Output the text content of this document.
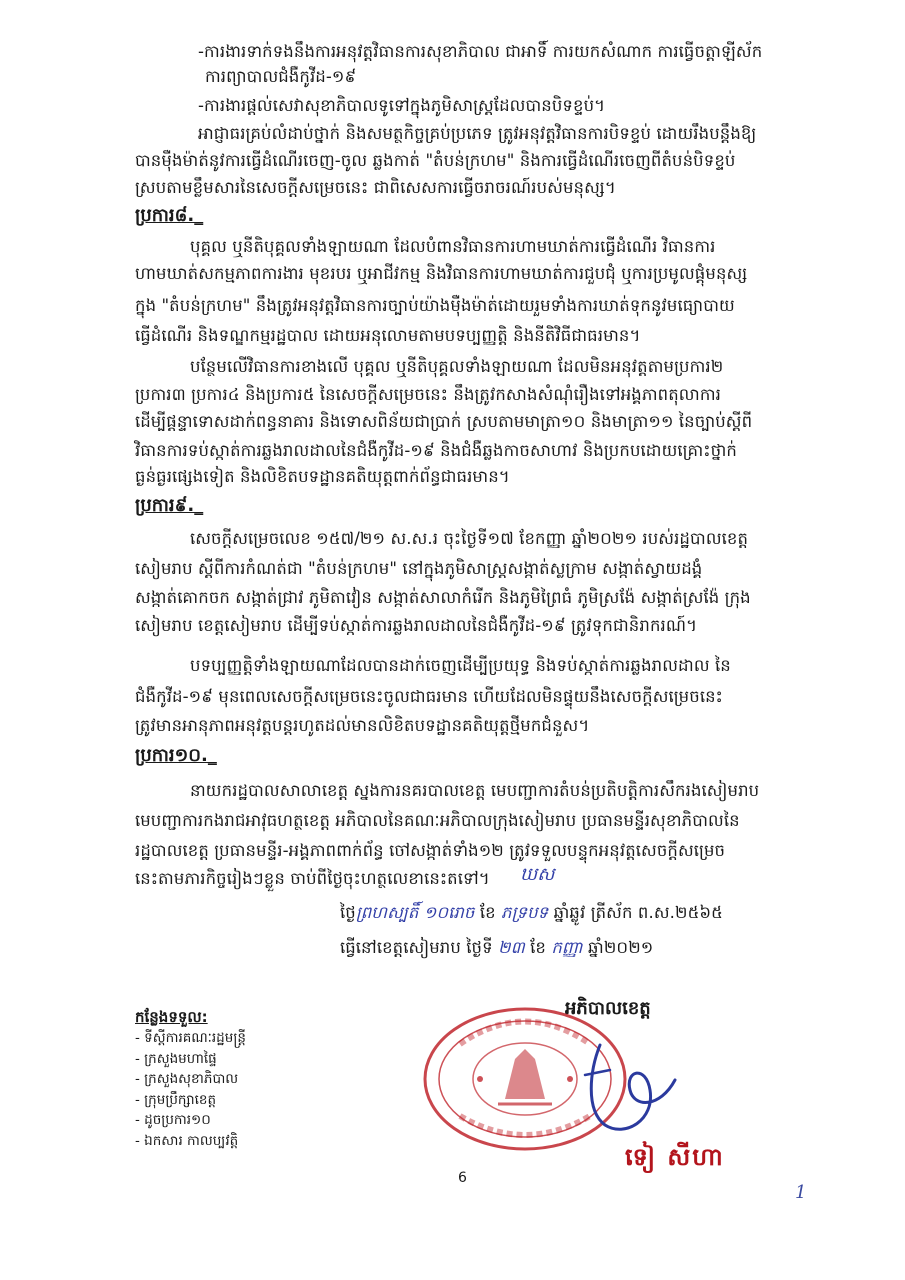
-ការងារទាក់ទងនឹងការអនុវត្តវិធានការសុខាភិបាល ជាអាទិ៍ ការយកសំណាក ការធ្វើចត្តាឡីស័ក
ការព្យាបាលជំងឺកូវីដ-១៩
-ការងារផ្ដល់សេវាសុខាភិបាលទូទៅក្នុងភូមិសាស្ត្រដែលបានបិទខ្ទប់។
អាជ្ញាធរគ្រប់លំដាប់ថ្នាក់ និងសមត្ថកិច្ចគ្រប់ប្រភេទ ត្រូវអនុវត្តវិធានការបិទខ្ទប់ ដោយរឹងបន្ដឹងឱ្យ
បានម៉ឺងម៉ាត់នូវការធ្វើដំណើរចេញ-ចូល ឆ្លងកាត់ "តំបន់ក្រហម" និងការធ្វើដំណើរចេញពីតំបន់បិទខ្ទប់
ស្របតាមខ្លឹមសារនៃសេចក្ដីសម្រេចនេះ ជាពិសេសការធ្វើចរាចរណ៍របស់មនុស្ស។
ប្រការ៨._
បុគ្គល ឬនីតិបុគ្គលទាំងឡាយណា ដែលបំពានវិធានការហាមឃាត់ការធ្វើដំណើរ វិធានការ
ហាមឃាត់សកម្មភាពការងារ មុខរបរ ឬអាជីវកម្ម និងវិធានការហាមឃាត់ការជួបជុំ ឬការប្រមូលផ្ដុំមនុស្ស
ក្នុង "តំបន់ក្រហម" នឹងត្រូវអនុវត្តវិធានការច្បាប់យ៉ាងម៉ឺងម៉ាត់ដោយរួមទាំងការឃាត់ទុកនូវមធ្យោបាយ
ធ្វើដំណើរ និងទណ្ឌកម្មរដ្ឋបាល ដោយអនុលោមតាមបទប្បញ្ញត្តិ និងនីតិវិធីជាធរមាន។
បន្ថែមលើវិធានការខាងលើ បុគ្គល ឬនីតិបុគ្គលទាំងឡាយណា ដែលមិនអនុវត្តតាមប្រការ២
ប្រការ៣ ប្រការ៤ និងប្រការ៥ នៃសេចក្ដីសម្រេចនេះ នឹងត្រូវកសាងសំណុំរឿងទៅអង្គភាពតុលាការ
ដើម្បីផ្ដន្ទាទោសដាក់ពន្ធនាគារ និងទោសពិន័យជាប្រាក់ ស្របតាមមាត្រា១០ និងមាត្រា១១ នៃច្បាប់ស្ដីពី
វិធានការទប់ស្កាត់ការឆ្លងរាលដាលនៃជំងឺកូវីដ-១៩ និងជំងឺឆ្លងកាចសាហាវ និងប្រកបដោយគ្រោះថ្នាក់
ធ្ងន់ធ្ងរផ្សេងទៀត និងលិខិតបទដ្ឋានគតិយុត្តពាក់ព័ន្ធជាធរមាន។
ប្រការ៩._
សេចក្ដីសម្រេចលេខ ១៥៧/២១ ស.ស.រ ចុះថ្ងៃទី១៧ ខែកញ្ញា ឆ្នាំ២០២១ របស់រដ្ឋបាលខេត្ត
សៀមរាប ស្ដីពីការកំណត់ជា "តំបន់ក្រហម" នៅក្នុងភូមិសាស្ត្រសង្កាត់ស្លក្រាម សង្កាត់ស្វាយដង្គំ
សង្កាត់គោកចក សង្កាត់ជ្រាវ ភូមិតាវៀន សង្កាត់សាលាកំរើក និងភូមិព្រៃធំ ភូមិស្រង៉ែ សង្កាត់ស្រង៉ែ ក្រុង
សៀមរាប ខេត្តសៀមរាប ដើម្បីទប់ស្កាត់ការឆ្លងរាលដាលនៃជំងឺកូវីដ-១៩ ត្រូវទុកជានិរាករណ៍។
បទប្បញ្ញត្តិទាំងឡាយណាដែលបានដាក់ចេញដើម្បីប្រយុទ្ធ និងទប់ស្កាត់ការឆ្លងរាលដាល នៃ
ជំងឺកូវីដ-១៩ មុនពេលសេចក្ដីសម្រេចនេះចូលជាធរមាន ហើយដែលមិនផ្ទុយនឹងសេចក្ដីសម្រេចនេះ
ត្រូវមានអានុភាពអនុវត្តបន្តរហូតដល់មានលិខិតបទដ្ឋានគតិយុត្តថ្មីមកជំនួស។
ប្រការ១០._
នាយករដ្ឋបាលសាលាខេត្ត ស្នងការនគរបាលខេត្ត មេបញ្ជាការតំបន់ប្រតិបត្តិការសឹករងសៀមរាប
មេបញ្ជាការកងរាជអាវុធហត្ថខេត្ត អភិបាលនៃគណៈអភិបាលក្រុងសៀមរាប ប្រធានមន្ទីរសុខាភិបាលនៃ
រដ្ឋបាលខេត្ត ប្រធានមន្ទីរ-អង្គភាពពាក់ព័ន្ធ ចៅសង្កាត់ទាំង១២ ត្រូវទទួលបន្ទុកអនុវត្តសេចក្ដីសម្រេច
នេះតាមភារកិច្ចរៀងៗខ្លួន ចាប់ពីថ្ងៃចុះហត្ថលេខានេះតទៅ។ ឃស
ថ្ងៃព្រហស្បតិ៍ ១០រោច ខែ ភទ្របទ ឆ្នាំឆ្លូវ ត្រីស័ក ព.ស.២៥៦៥
ធ្វើនៅខេត្តសៀមរាប ថ្ងៃទី ២៣ ខែ កញ្ញា ឆ្នាំ២០២១
អភិបាលខេត្ត
ទៀ សីហា
កន្លែងទទួល:
- ទីស្ដីការគណៈរដ្ឋមន្ត្រី
- ក្រសួងមហាផ្ទៃ
- ក្រសួងសុខាភិបាល
- ក្រុមប្រឹក្សាខេត្ត
- ដូចប្រការ១០
- ឯកសារ កាលប្បវត្តិ
6
1
